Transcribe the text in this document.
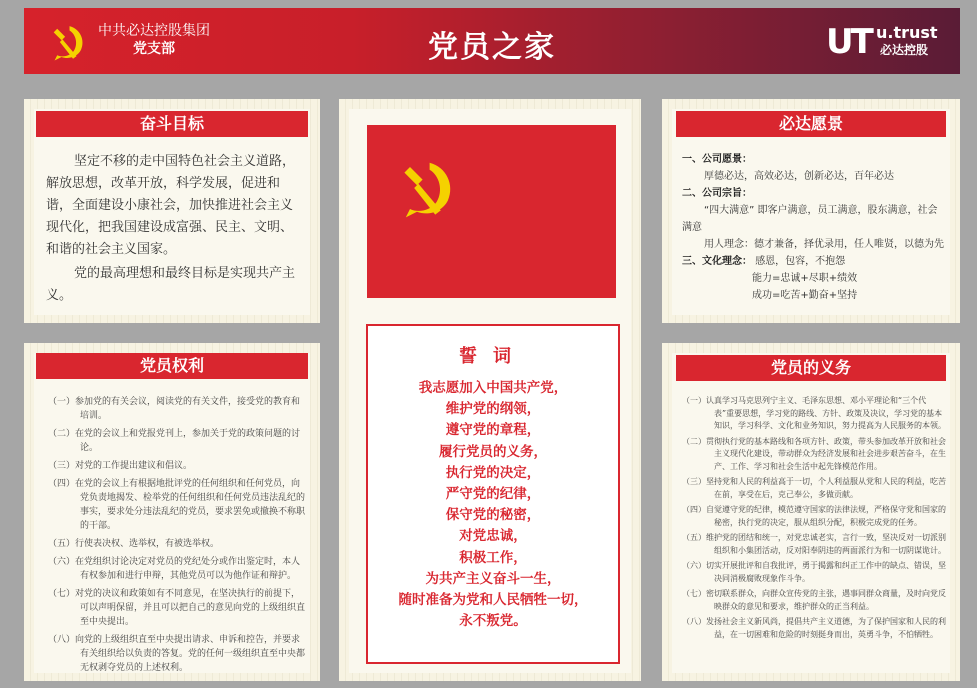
中共必达控股集团
党支部	党员之家	UT u.trust
必达控股
奋斗目标

坚定不移的走中国特色社会主义道路，解放思想，改革开放，科学发展，促进和谐，全面建设小康社会，加快推进社会主义现代化，把我国建设成富强、民主、文明、和谐的社会主义国家。

党的最高理想和最终目标是实现共产主义。

党员权利
（一）参加党的有关会议，阅读党的有关文件，接受党的教育和培训。
（二）在党的会议上和党报党刊上，参加关于党的政策问题的讨论。
（三）对党的工作提出建议和倡议。
（四）在党的会议上有根据地批评党的任何组织和任何党员，向党负责地揭发、检举党的任何组织和任何党员违法乱纪的事实，要求处分违法乱纪的党员，要求罢免或撤换不称职的干部。
（五）行使表决权、选举权，有被选举权。
（六）在党组织讨论决定对党员的党纪处分或作出鉴定时，本人有权参加和进行申辩，其他党员可以为他作证和辩护。
（七）对党的决议和政策如有不同意见，在坚决执行的前提下，可以声明保留，并且可以把自己的意见向党的上级组织直至中央提出。
（八）向党的上级组织直至中央提出请求、申诉和控告，并要求有关组织给以负责的答复。党的任何一级组织直至中央都无权剥夺党员的上述权利。
誓词
我志愿加入中国共产党，
维护党的纲领，
遵守党的章程，
履行党员的义务，
执行党的决定，
严守党的纪律，
保守党的秘密，
对党忠诚，
积极工作，
为共产主义奋斗一生，
随时准备为党和人民牺牲一切，
永不叛党。
必达愿景
一、公司愿景：
厚德必达，高效必达，创新必达，百年必达
二、公司宗旨：
“四大满意” 即客户满意，员工满意，股东满意，社会满意
用人理念：德才兼备，择优录用，任人唯贤，以德为先
三、文化理念： 感恩，包容，不抱怨
能力=忠诚+尽职+绩效
成功=吃苦+勤奋+坚持
党员的义务
（一）认真学习马克思列宁主义、毛泽东思想、邓小平理论和“三个代表”重要思想，学习党的路线、方针、政策及决议，学习党的基本知识，学习科学、文化和业务知识，努力提高为人民服务的本领。
（二）贯彻执行党的基本路线和各项方针、政策，带头参加改革开放和社会主义现代化建设，带动群众为经济发展和社会进步艰苦奋斗，在生产、工作、学习和社会生活中起先锋模范作用。
（三）坚持党和人民的利益高于一切，个人利益服从党和人民的利益，吃苦在前，享受在后，克己奉公，多做贡献。
（四）自觉遵守党的纪律，模范遵守国家的法律法规，严格保守党和国家的秘密，执行党的决定，服从组织分配，积极完成党的任务。
（五）维护党的团结和统一，对党忠诚老实，言行一致，坚决反对一切派别组织和小集团活动，反对阳奉阴违的两面派行为和一切阴谋诡计。
（六）切实开展批评和自我批评，勇于揭露和纠正工作中的缺点、错误，坚决同消极腐败现象作斗争。
（七）密切联系群众，向群众宣传党的主张，遇事同群众商量，及时向党反映群众的意见和要求，维护群众的正当利益。
（八）发扬社会主义新风尚，提倡共产主义道德，为了保护国家和人民的利益，在一切困难和危险的时刻挺身而出，英勇斗争，不怕牺牲。
